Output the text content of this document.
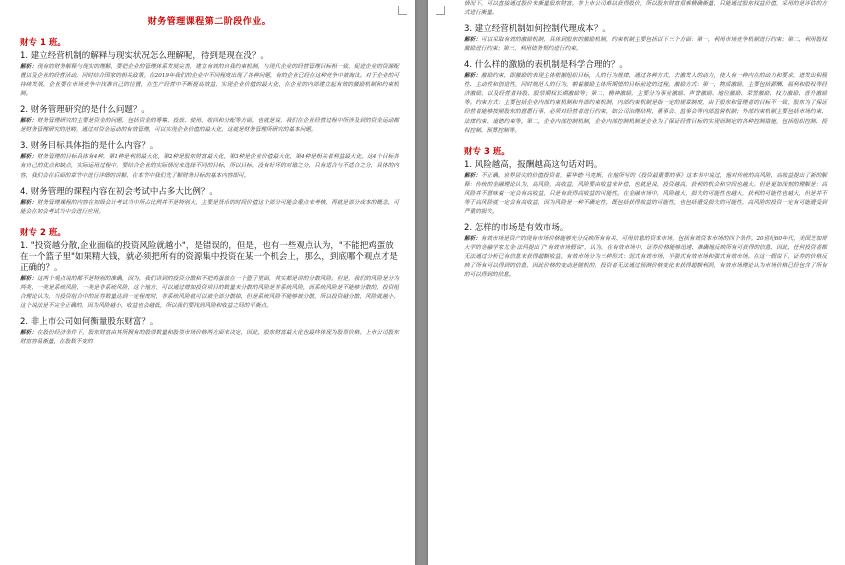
财务管理课程第二阶段作业。
财专 1 班。
1. 建立经营机制的解释与现实状况怎么理解呢，待到是现在没？。
解析：现有的财务解释与现实的理解，要把企业的管理体系发展完善，建立有效的自我约束机制，与现代企业的经营管理目标相一致，促进企业的资源配置以及企业的经营活动，同时结合国家的相关政策。在2019年我们的企业中不同程度出现了各种问题，有的企业已经在这种竞争中被淘汰。对于企业的可持续发展，企业要在市场竞争中找准自己的位置，在生产经营中不断提高效益，实现企业价值的最大化，在企业的内部建立起有效的激励机制和约束机制。
2. 财务管理研究的是什么问题？。
解析：财务管理研究的主要是资金的问题，包括资金的筹集、投放、使用、收回和分配等方面，也就是说，我们在企业经营过程中所涉及到的资金运动都是财务管理研究的范畴，通过对资金运动的有效管理，可以实现企业价值的最大化，这就是财务管理所研究的基本问题。
3. 财务目标具体指的是什么内容？。
解析：财务管理的目标具体有4种，第1种是利润最大化，第2种是股东财富最大化，第3种是企业价值最大化，第4种是相关者利益最大化。这4个目标各有自己的优点和缺点，实际运用过程中，要结合企业的实际情况来选择不同的目标，所以目标，没有好坏的对错之分，只有适合与不适合之分，具体的内容，我们会在后面的章节中进行详细的讲解，在本节中我们先了解财务目标的基本内容即可。
4. 财务管理的课程内容在初会考试中占多大比例？。
解析：财务管理课程的内容在初级会计考试当中所占比例并不是特别大，主要是货币的时间价值这个部分可能会重点来考核，再就是部分成本的概念，可能会在初会考试当中会进行应用。
财专 2 班。
1. "投资越分散,企业面临的投资风险就越小"，是错误的，但是，也有一些观点认为，"不能把鸡蛋放在一个篮子里"如果精大钱，就必须把所有的资源集中投资在某一个机会上，那么，到底哪个观点才是正确的？。
解析：这两个观点说的都不是特别的准确，因为，我们讲到的投资分散和不把鸡蛋放在一个篮子里面，其实都是讲的分散风险。但是，我们的风险是分为两类，一类是系统风险，一类是非系统风险，这个地方，可以通过增加投资项目的数量来分散的风险是非系统风险，而系统风险是不能够分散的，投资组合理论认为，当投资组合中的证券数量达到一定程度时，非系统风险就可以被全部分散掉，但是系统风险不能够被分散，所以投资越分散，风险就越小，这个说法是不完全正确的，因为风险越小，收益也会越低，所以我们要找到风险和收益之间的平衡点。
2. 非上市公司如何衡量股东财富？。
解析：在股份经济条件下，股东财富由其所拥有的股票数量和股票市场价格两方面来决定，因此，股东财富最大化也最终体现为股票价格。上市公司股东财富容易衡量，在股数不变的
情况下，可以直接通过股价来衡量股东财富。非上市公司难以获得股价，所以股东财富很难精确衡量，只能通过股东权益价值，采用的是评估的方式进行衡量。
3. 建立经营机制如何控制代理成本？。
解析：可以采取有效的激励机制，具体到股东的激励机制，约束机制主要包括以下三个方面：第一，利用市场竞争机制进行约束；第二，利用股权激励进行约束；第三，利用债务契约进行约束。
4. 什么样的激励的表机制是科学合理的？。
解析：激励约束，即激励的表现主体根据组织目标，人的行为规律，通过各种方式，去激发人的动力，使人有一种内在的动力和要求，迸发出积极性、主动性和创造性，同时规范人的行为，朝着激励主体所期望的目标前进的过程。激励方式：第一，物质激励，主要包括薪酬、福利和股权等经济激励，以及经营者持股、股票期权长期激励等；第二，精神激励，主要分为事业激励、声誉激励、地位激励、荣誉激励、权力激励、晋升激励等。约束方式：主要包括企业内部约束机制和外部约束机制，内部约束机制是指一定的规章制度，由于股东和管理者的目标不一致，股东为了保证经营者能够按照股东的意愿行事，必须对经营者进行约束，如公司治理结构、董事会、监事会等内部监督机制；外部约束机制主要包括市场约束、法律约束、道德约束等。第二，企业内部控制机制，企业内部控制机制是企业为了保证经营目标的实现而制定的各种控制措施，包括组织控制、授权控制、预算控制等。
财专 3 班。
1. 风险越高，报酬越高这句话对吗。
解析：不正确。世界顶尖的价值投资者，霍华德·马克斯，在他所写的《投资最重要的事》这本书中说过，他对传统的高风险，高收益提出了新的解释：传统的金融理论认为，高风险，高收益，风险要由收益来补偿，也就是说，投资越高，获利的机会和空间也越大。但是更加深刻的理解是：高风险并不意味着一定会有高收益，只是有获得高收益的可能性。在金融市场中，风险越大，损失的可能性也越大，获利的可能性也越大，但是并不等于高风险就一定会有高收益，因为风险是一种不确定性，既包括获得收益的可能性，也包括遭受损失的可能性，高风险的投资一定有可能遭受到严重的损失。
2. 怎样的市场是有效市场。
解析：有效市场是资产的现有市场价格能够充分反映所有有关、可用信息的资本市场，包括有效资本市场的四个条件。20世纪60年代，美国芝加哥大学的金融学家尤金·法玛提出了"有效市场假说"，认为，在有效市场中，证券价格能够迅速、准确地反映所有可获得的信息，因此，任何投资者都无法通过分析已有信息来获得超额收益。有效市场分为三种形式：弱式有效市场、半强式有效市场和强式有效市场。在这一假说下，证券的价格反映了所有可以得到的信息，因此价格的变动是随机的，投资者无法通过预测价格变化来获得超额利润，有效市场理论认为市场价格已经包含了所有的可以得到的信息。
